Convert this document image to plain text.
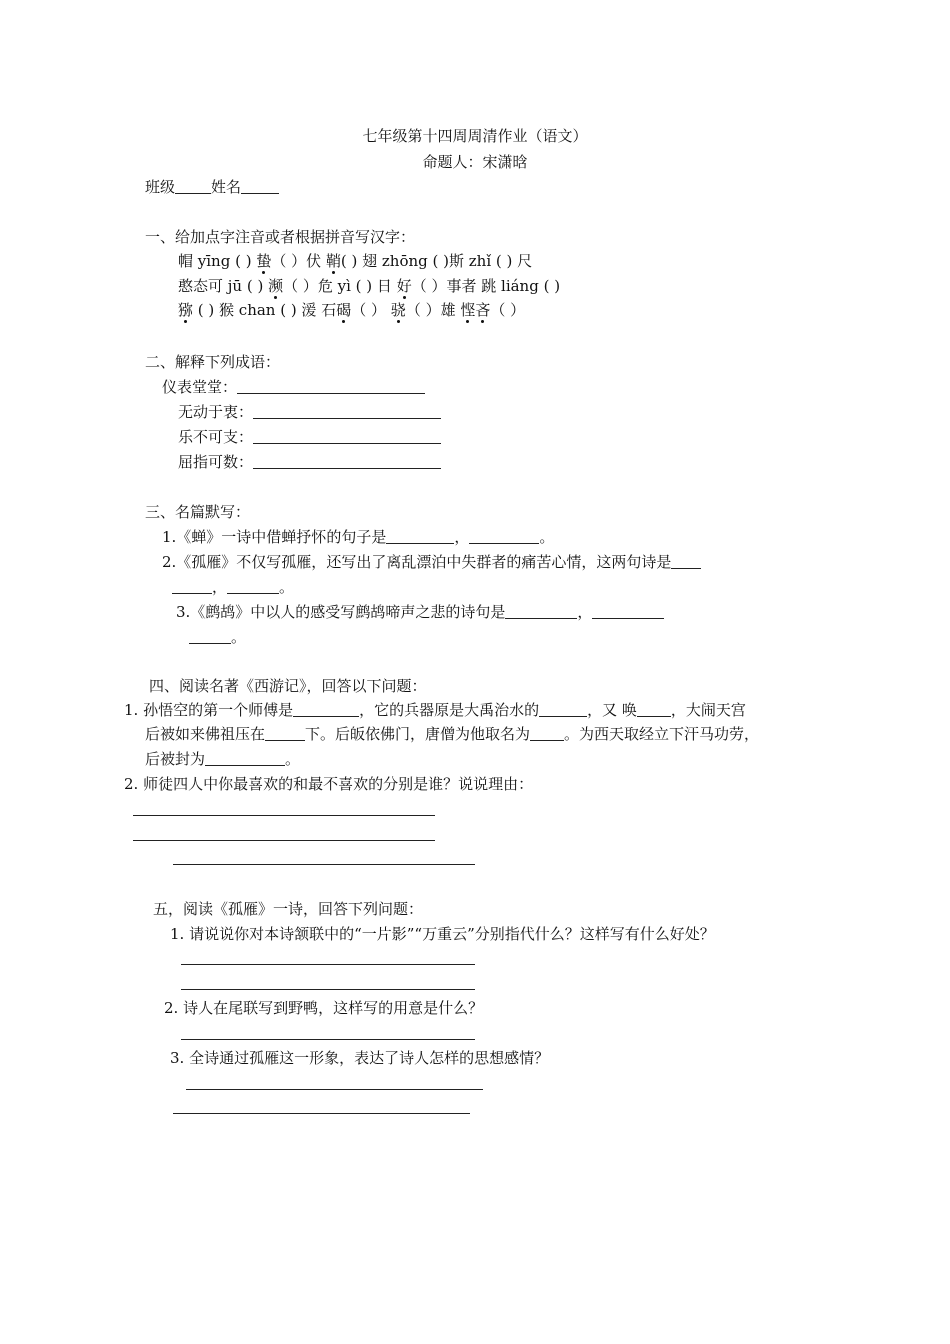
七年级第十四周周清作业（语文）
命题人：宋潇晗
班级 姓名
一、给加点字注音或者根据拼音写汉字：
帽 yīng ( ) 蛰（ ）伏 鞘( ) 翅 zhōng ( )斯 zhǐ ( ) 尺
憨态可 jū ( ) 濒（ ）危 yì ( ) 日 好（ ）事者 跳 liáng ( )
猕 ( ) 猴 chan ( ) 湲 石碣（ ） 骁（ ）雄 悭吝（ ）
二、解释下列成语：
仪表堂堂：
无动于衷：
乐不可支：
屈指可数：
三、名篇默写：
1.《蝉》一诗中借蝉抒怀的句子是	，	。
2.《孤雁》不仅写孤雁，还写出了离乱漂泊中失群者的痛苦心情，这两句诗是
，	。
3.《鹧鸪》中以人的感受写鹧鸪啼声之悲的诗句是	，
。
四、阅读名著《西游记》，回答以下问题：
1. 孙悟空的第一个师傅是	，它的兵器原是大禹治水的	，又 唤 ，大闹天宫
后被如来佛祖压在	下。后皈依佛门，唐僧为他取名为 。为西天取经立下汗马功劳，
后被封为	。
2. 师徒四人中你最喜欢的和最不喜欢的分别是谁？说说理由：
五，阅读《孤雁》一诗，回答下列问题：
1. 请说说你对本诗颔联中的“一片影”“万重云”分别指代什么？这样写有什么好处？
2. 诗人在尾联写到野鸭，这样写的用意是什么？
3. 全诗通过孤雁这一形象，表达了诗人怎样的思想感情？
